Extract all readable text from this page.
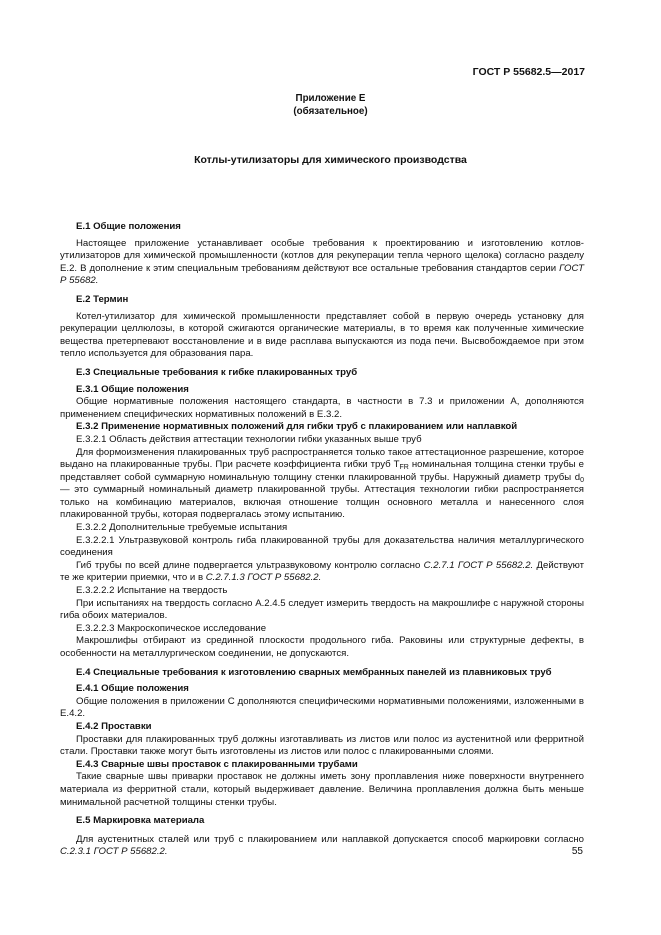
ГОСТ Р 55682.5—2017
Приложение Е
(обязательное)
Котлы-утилизаторы для химического производства
Е.1 Общие положения

Настоящее приложение устанавливает особые требования к проектированию и изготовлению котлов-утилизаторов для химической промышленности (котлов для рекуперации тепла черного щелока) согласно разделу Е.2. В дополнение к этим специальным требованиям действуют все остальные требования стандартов серии ГОСТ Р 55682.

Е.2 Термин

Котел-утилизатор для химической промышленности представляет собой в первую очередь установку для рекуперации целлюлозы, в которой сжигаются органические материалы, в то время как полученные химические вещества претерпевают восстановление и в виде расплава выпускаются из пода печи. Высвобождаемое при этом тепло используется для образования пара.

Е.3 Специальные требования к гибке плакированных труб
Е.3.1 Общие положения

Общие нормативные положения настоящего стандарта, в частности в 7.3 и приложении А, дополняются применением специфических нормативных положений в Е.3.2.

Е.3.2 Применение нормативных положений для гибки труб с плакированием или наплавкой
Е.3.2.1 Область действия аттестации технологии гибки указанных выше труб

Для формоизменения плакированных труб распространяется только такое аттестационное разрешение, которое выдано на плакированные трубы. При расчете коэффициента гибки труб $T_{FR}$ номинальная толщина стенки трубы e представляет собой суммарную номинальную толщину стенки плакированной трубы. Наружный диаметр трубы $d_0$ — это суммарный номинальный диаметр плакированной трубы. Аттестация технологии гибки распространяется только на комбинацию материалов, включая отношение толщин основного металла и нанесенного слоя плакированной трубы, которая подвергалась этому испытанию.

Е.3.2.2 Дополнительные требуемые испытания

Е.3.2.2.1 Ультразвуковой контроль гиба плакированной трубы для доказательства наличия металлургического соединения

Гиб трубы по всей длине подвергается ультразвуковому контролю согласно С.2.7.1 ГОСТ Р 55682.2. Действуют те же критерии приемки, что и в С.2.7.1.3 ГОСТ Р 55682.2.

Е.3.2.2.2 Испытание на твердость

При испытаниях на твердость согласно А.2.4.5 следует измерить твердость на макрошлифе с наружной стороны гиба обоих материалов.

Е.3.2.2.3 Макроскопическое исследование

Макрошлифы отбирают из срединной плоскости продольного гиба. Раковины или структурные дефекты, в особенности на металлургическом соединении, не допускаются.

Е.4 Специальные требования к изготовлению сварных мембранных панелей из плавниковых труб
Е.4.1 Общие положения

Общие положения в приложении С дополняются специфическими нормативными положениями, изложенными в Е.4.2.

Е.4.2 Проставки

Проставки для плакированных труб должны изготавливать из листов или полос из аустенитной или ферритной стали. Проставки также могут быть изготовлены из листов или полос с плакированными слоями.

Е.4.3 Сварные швы проставок с плакированными трубами

Такие сварные швы приварки проставок не должны иметь зону проплавления ниже поверхности внутреннего материала из ферритной стали, который выдерживает давление. Величина проплавления должна быть меньше минимальной расчетной толщины стенки трубы.

Е.5 Маркировка материала

Для аустенитных сталей или труб с плакированием или наплавкой допускается способ маркировки согласно С.2.3.1 ГОСТ Р 55682.2.	55
